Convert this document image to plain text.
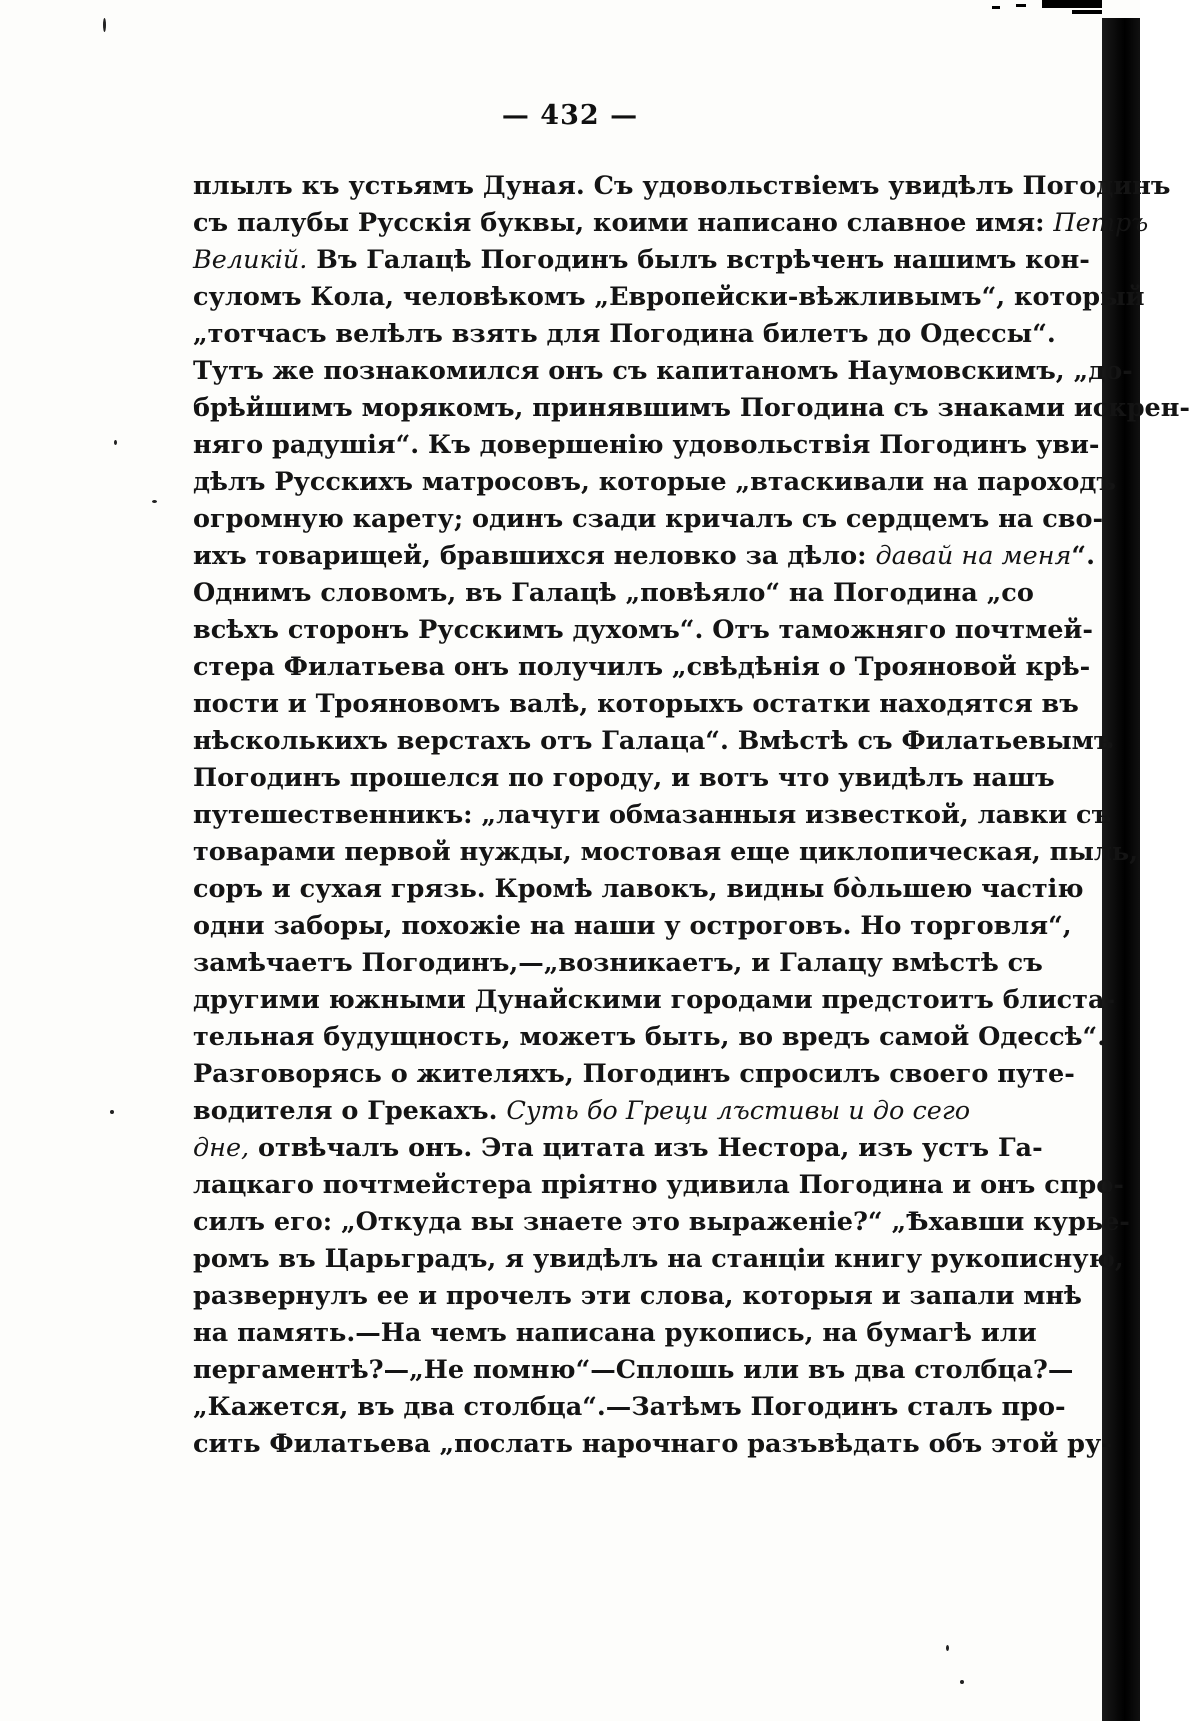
— 432 —
плылъ къ устьямъ Дуная. Съ удовольствіемъ увидѣлъ Погодинъ
съ палубы Русскія буквы, коими написано славное имя: Петръ
Великій. Въ Галацѣ Погодинъ былъ встрѣченъ нашимъ кон-
суломъ Кола, человѣкомъ „Европейски-вѣжливымъ“, который
„тотчасъ велѣлъ взять для Погодина билетъ до Одессы“.
Тутъ же познакомился онъ съ капитаномъ Наумовскимъ, „до-
брѣйшимъ морякомъ, принявшимъ Погодина съ знаками искрен-
няго радушія“. Къ довершенію удовольствія Погодинъ уви-
дѣлъ Русскихъ матросовъ, которые „втаскивали на пароходъ
огромную карету; одинъ сзади кричалъ съ сердцемъ на сво-
ихъ товарищей, бравшихся неловко за дѣло: давай на меня“.
Однимъ словомъ, въ Галацѣ „повѣяло“ на Погодина „со
всѣхъ сторонъ Русскимъ духомъ“. Отъ таможняго почтмей-
стера Филатьева онъ получилъ „свѣдѣнія о Трояновой крѣ-
пости и Трояновомъ валѣ, которыхъ остатки находятся въ
нѣсколькихъ верстахъ отъ Галаца“. Вмѣстѣ съ Филатьевымъ
Погодинъ прошелся по городу, и вотъ что увидѣлъ нашъ
путешественникъ: „лачуги обмазанныя известкой, лавки съ
товарами первой нужды, мостовая еще циклопическая, пыль,
соръ и сухая грязь. Кромѣ лавокъ, видны бо̀льшею частію
одни заборы, похожіе на наши у остроговъ. Но торговля“,
замѣчаетъ Погодинъ,—„возникаетъ, и Галацу вмѣстѣ съ
другими южными Дунайскими городами предстоитъ блиста-
тельная будущность, можетъ быть, во вредъ самой Одессѣ“.
Разговорясь о жителяхъ, Погодинъ спросилъ своего путе-
водителя о Грекахъ. Суть бо Греци лъстивы и до сего
дне, отвѣчалъ онъ. Эта цитата изъ Нестора, изъ устъ Га-
лацкаго почтмейстера пріятно удивила Погодина и онъ спро-
силъ его: „Откуда вы знаете это выраженіе?“ „Ѣхавши курье-
ромъ въ Царьградъ, я увидѣлъ на станціи книгу рукописную,
развернулъ ее и прочелъ эти слова, которыя и запали мнѣ
на память.—На чемъ написана рукопись, на бумагѣ или
пергаментѣ?—„Не помню“—Сплошь или въ два столбца?—
„Кажется, въ два столбца“.—Затѣмъ Погодинъ сталъ про-
сить Филатьева „послать нарочнаго разъвѣдать объ этой ру-
